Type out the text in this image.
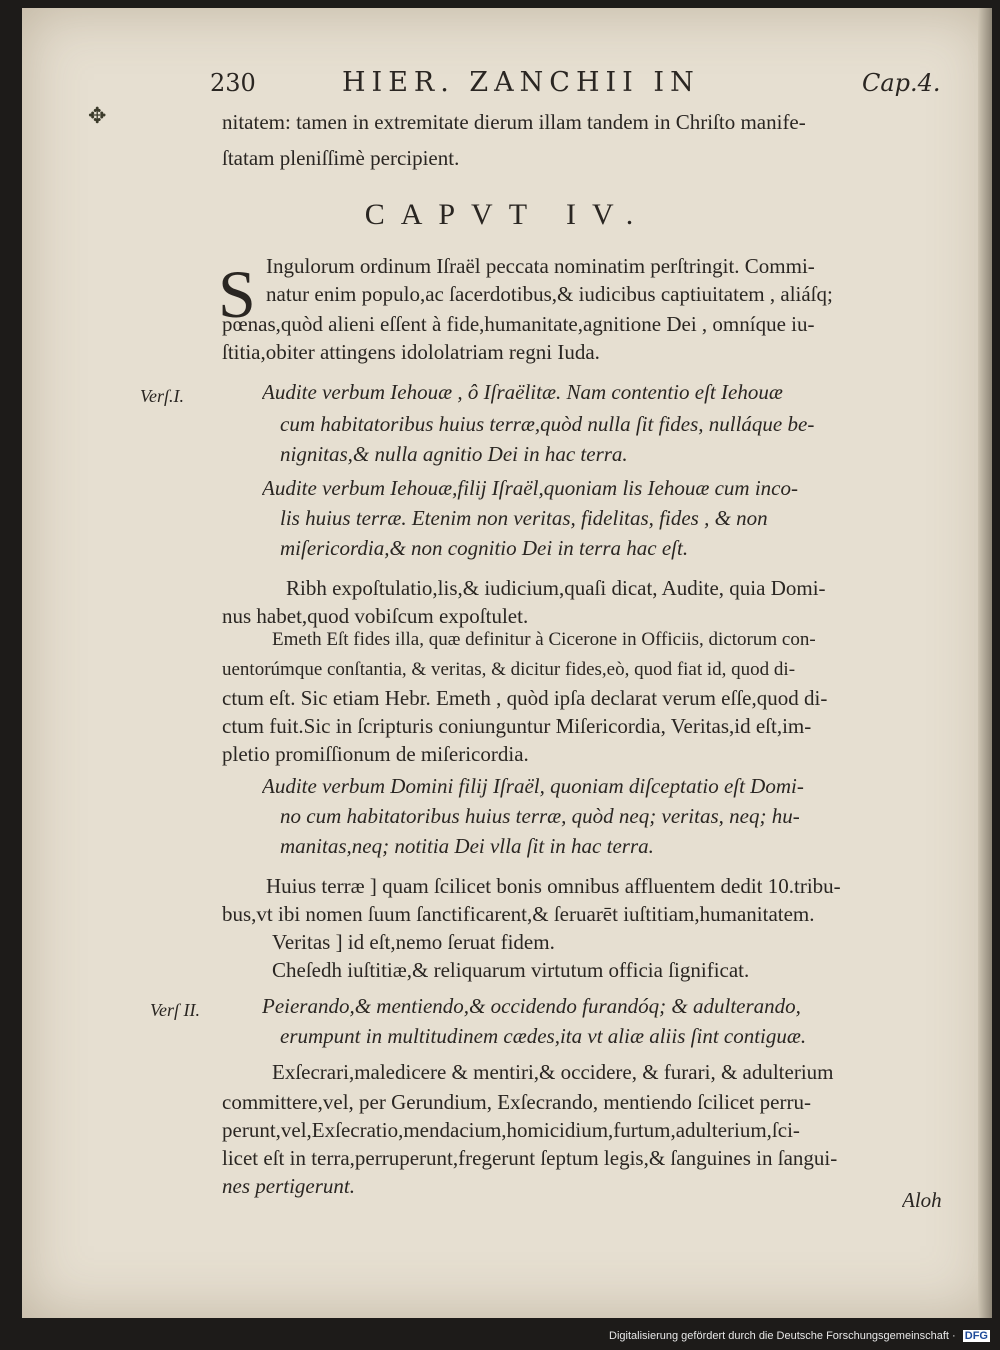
✥
230	HIER. ZANCHII IN	Cap.4.
nitatem: tamen in extremitate dierum illam tandem in Chriſto manife-
ſtatam pleniſſimè percipient.
CAPVT IV.
S Ingulorum ordinum Iſraël peccata nominatim perſtringit. Commi-
natur enim populo,ac ſacerdotibus,& iudicibus captiuitatem , aliáſq;
pœnas,quòd alieni eſſent à fide,humanitate,agnitione Dei , omníque iu-
ſtitia,obiter attingens idololatriam regni Iuda.
Verſ.I.	Audite verbum Iehouæ , ô Iſraëlitæ. Nam contentio eſt Iehouæ
cum habitatoribus huius terræ,quòd nulla ſit fides, nulláque be-
nignitas,& nulla agnitio Dei in hac terra.
Audite verbum Iehouæ,filij Iſraël,quoniam lis Iehouæ cum inco-
lis huius terræ. Etenim non veritas, fidelitas, fides , & non
miſericordia,& non cognitio Dei in terra hac eſt.
Ribh expoſtulatio,lis,& iudicium,quaſi dicat, Audite, quia Domi-
nus habet,quod vobiſcum expoſtulet.
Emeth Eſt fides illa, quæ definitur à Cicerone in Officiis, dictorum con-
uentorúmque conſtantia, & veritas, & dicitur fides,eò, quod fiat id, quod di-
ctum eſt. Sic etiam Hebr. Emeth , quòd ipſa declarat verum eſſe,quod di-
ctum fuit.Sic in ſcripturis coniunguntur Miſericordia, Veritas,id eſt,im-
pletio promiſſionum de miſericordia.
Audite verbum Domini filij Iſraël, quoniam diſceptatio eſt Domi-
no cum habitatoribus huius terræ, quòd neq; veritas, neq; hu-
manitas,neq; notitia Dei vlla ſit in hac terra.
Huius terræ ] quam ſcilicet bonis omnibus affluentem dedit 10.tribu-
bus,vt ibi nomen ſuum ſanctificarent,& ſeruarēt iuſtitiam,humanitatem.
Veritas ] id eſt,nemo ſeruat fidem.
Cheſedh iuſtitiæ,& reliquarum virtutum officia ſignificat.
Verſ II.	Peierando,& mentiendo,& occidendo furandóq; & adulterando,
erumpunt in multitudinem cædes,ita vt aliæ aliis ſint contiguæ.
Exſecrari,maledicere & mentiri,& occidere, & furari, & adulterium
committere,vel, per Gerundium, Exſecrando, mentiendo ſcilicet perru-
perunt,vel,Exſecratio,mendacium,homicidium,furtum,adulterium,ſci-
licet eſt in terra,perruperunt,fregerunt ſeptum legis,& ſanguines in ſangui-
nes pertigerunt.
Aloh
Digitalisierung gefördert durch die Deutsche Forschungsgemeinschaft · DFG
